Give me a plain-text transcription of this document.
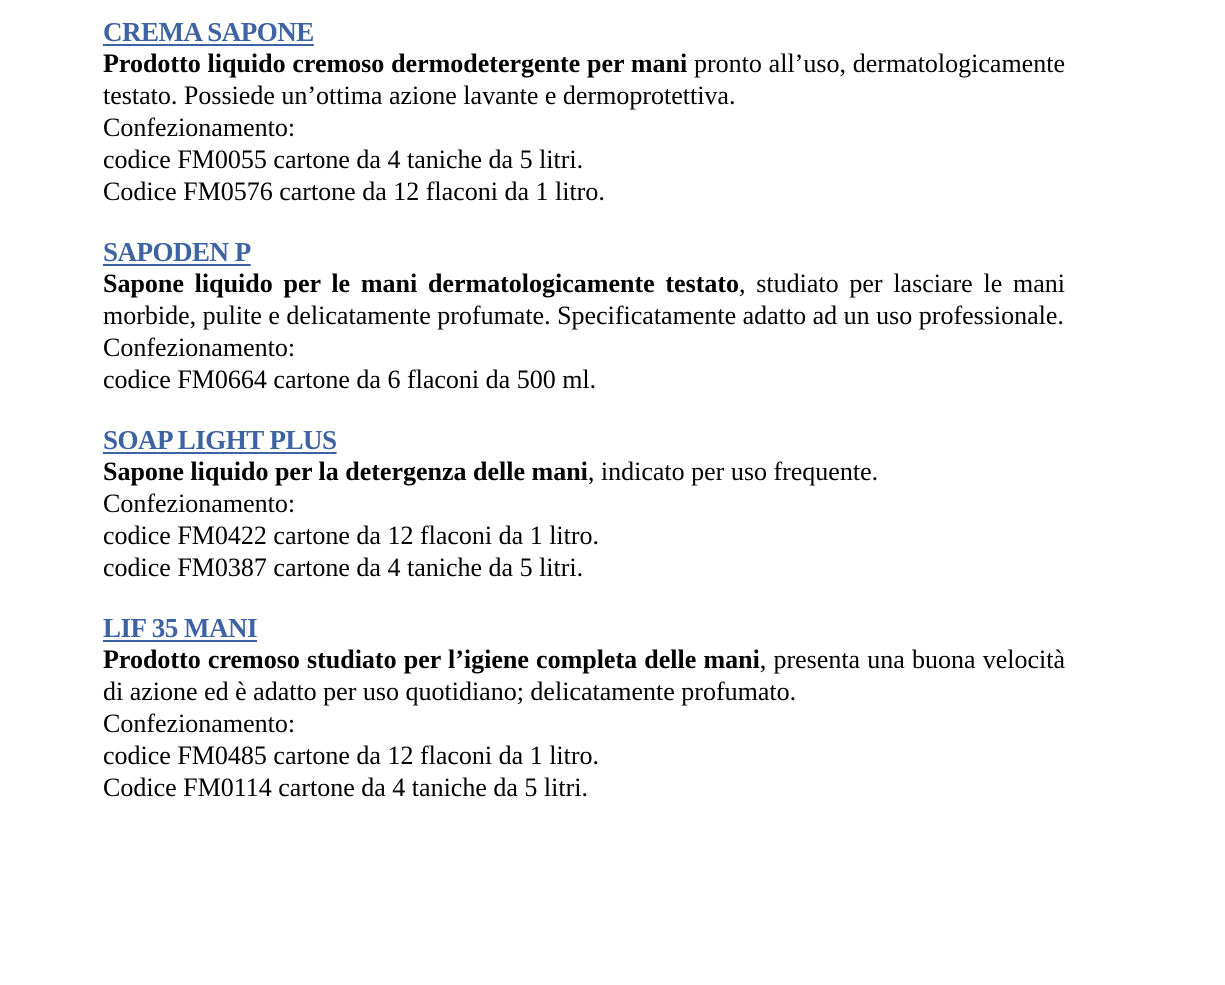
CREMA SAPONE

Prodotto liquido cremoso dermodetergente per mani pronto all’uso, dermatologicamente testato. Possiede un’ottima azione lavante e dermoprotettiva.

Confezionamento:

codice FM0055 cartone da 4 taniche da 5 litri.

Codice FM0576 cartone da 12 flaconi da 1 litro.

SAPODEN P

Sapone liquido per le mani dermatologicamente testato, studiato per lasciare le mani morbide, pulite e delicatamente profumate. Specificatamente adatto ad un uso professionale.

Confezionamento:

codice FM0664 cartone da 6 flaconi da 500 ml.

SOAP LIGHT PLUS

Sapone liquido per la detergenza delle mani, indicato per uso frequente.

Confezionamento:

codice FM0422 cartone da 12 flaconi da 1 litro.

codice FM0387 cartone da 4 taniche da 5 litri.

LIF 35 MANI

Prodotto cremoso studiato per l’igiene completa delle mani, presenta una buona velocità di azione ed è adatto per uso quotidiano; delicatamente profumato.

Confezionamento:

codice FM0485 cartone da 12 flaconi da 1 litro.

Codice FM0114 cartone da 4 taniche da 5 litri.
